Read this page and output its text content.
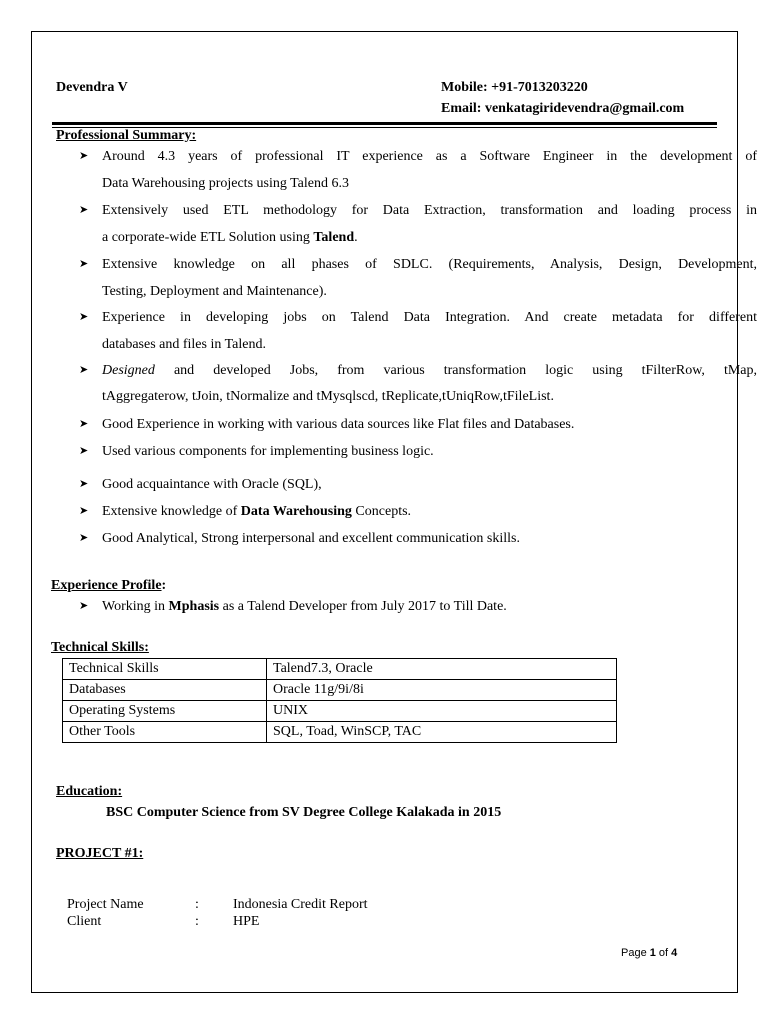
Devendra V	Mobile: +91-7013203220
Email: venkatagiridevendra@gmail.com
Professional Summary:
➤ Around 4.3 years of professional IT experience as a Software Engineer in the development of
Data Warehousing projects using Talend 6.3
➤ Extensively used ETL methodology for Data Extraction, transformation and loading process in
a corporate-wide ETL Solution using Talend.
➤ Extensive knowledge on all phases of SDLC. (Requirements, Analysis, Design, Development,
Testing, Deployment and Maintenance).
➤ Experience in developing jobs on Talend Data Integration. And create metadata for different
databases and files in Talend.
➤ Designed and developed Jobs, from various transformation logic using tFilterRow, tMap,
tAggregaterow, tJoin, tNormalize and tMysqlscd, tReplicate,tUniqRow,tFileList.
➤ Good Experience in working with various data sources like Flat files and Databases.
➤ Used various components for implementing business logic.
➤ Good acquaintance with Oracle (SQL),
➤ Extensive knowledge of Data Warehousing Concepts.
➤ Good Analytical, Strong interpersonal and excellent communication skills.
Experience Profile:
➤ Working in Mphasis as a Talend Developer from July 2017 to Till Date.
Technical Skills:
Technical Skills	Talend7.3, Oracle
Databases	Oracle 11g/9i/8i
Operating Systems	UNIX
Other Tools	SQL, Toad, WinSCP, TAC
Education:
BSC Computer Science from SV Degree College Kalakada in 2015
PROJECT #1:
Project Name	: Indonesia Credit Report
Client	: HPE
Page 1 of 4
